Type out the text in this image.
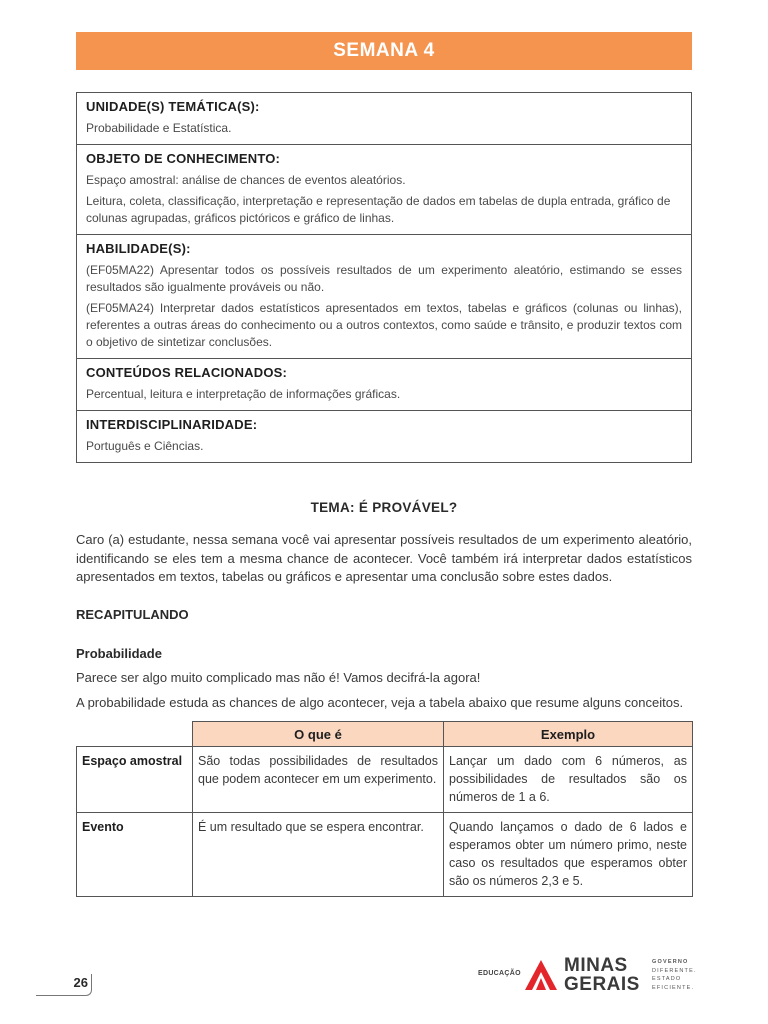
SEMANA 4
UNIDADE(S) TEMÁTICA(S):

Probabilidade e Estatística.

OBJETO DE CONHECIMENTO:

Espaço amostral: análise de chances de eventos aleatórios.

Leitura, coleta, classificação, interpretação e representação de dados em tabelas de dupla entrada, gráfico de colunas agrupadas, gráficos pictóricos e gráfico de linhas.

HABILIDADE(S):

(EF05MA22) Apresentar todos os possíveis resultados de um experimento aleatório, estimando se esses resultados são igualmente prováveis ou não.

(EF05MA24) Interpretar dados estatísticos apresentados em textos, tabelas e gráficos (colunas ou linhas), referentes a outras áreas do conhecimento ou a outros contextos, como saúde e trânsito, e produzir textos com o objetivo de sintetizar conclusões.

CONTEÚDOS RELACIONADOS:

Percentual, leitura e interpretação de informações gráficas.

INTERDISCIPLINARIDADE:

Português e Ciências.

TEMA: É PROVÁVEL?

Caro (a) estudante, nessa semana você vai apresentar possíveis resultados de um experimento aleatório, identificando se eles tem a mesma chance de acontecer. Você também irá interpretar dados estatísticos apresentados em textos, tabelas ou gráficos e apresentar uma conclusão sobre estes dados.

RECAPITULANDO
Probabilidade

Parece ser algo muito complicado mas não é! Vamos decifrá-la agora!

A probabilidade estuda as chances de algo acontecer, veja a tabela abaixo que resume alguns conceitos.

	O que é	Exemplo
Espaço amostral	São todas possibilidades de resultados que podem acontecer em um experimento.	Lançar um dado com 6 números, as possibilidades de resultados são os números de 1 a 6.
Evento	É um resultado que se espera encontrar.	Quando lançamos o dado de 6 lados e esperamos obter um número primo, neste caso os resultados que esperamos obter são os números 2,3 e 5.
26
EDUCAÇÃO MINAS
GERAIS
GOVERNO
DIFERENTE.
ESTADO
EFICIENTE.
